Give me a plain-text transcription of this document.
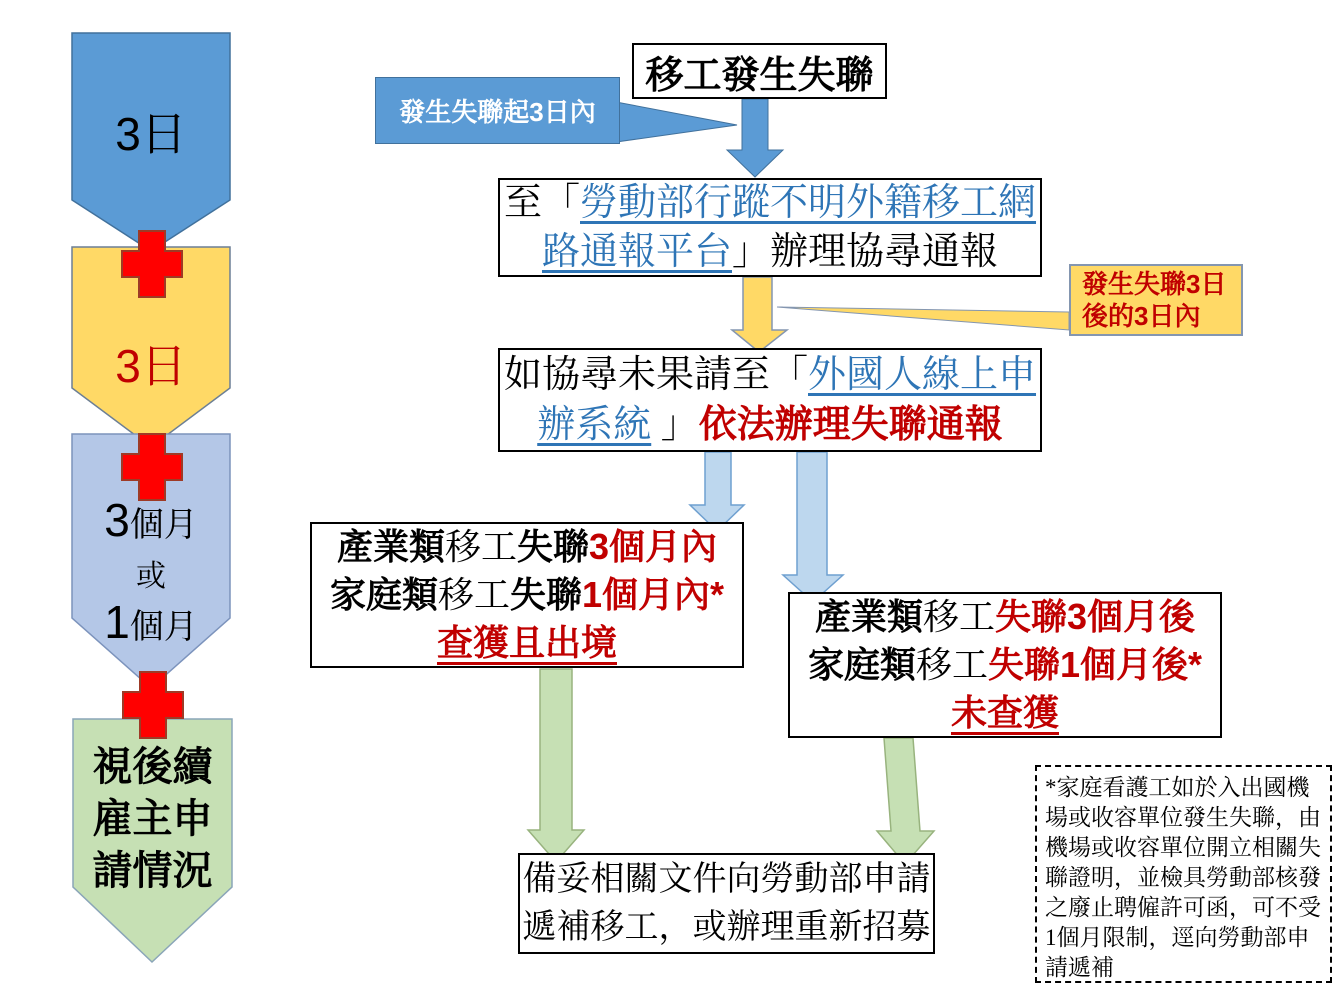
3日
3日
3個月
或
1個月
視後續
雇主申
請情況
移工發生失聯
發生失聯起3日內
至「勞動部行蹤不明外籍移工網
路通報平台」辦理協尋通報
發生失聯3日
後的3日內
如協尋未果請至「外國人線上申
辦系統 」依法辦理失聯通報
產業類移工失聯3個月內
家庭類移工失聯1個月內*
查獲且出境
產業類移工失聯3個月後
家庭類移工失聯1個月後*
未查獲
備妥相關文件向勞動部申請
遞補移工，或辦理重新招募
*家庭看護工如於入出國機場或收容單位發生失聯，由機場或收容單位開立相關失聯證明，並檢具勞動部核發之廢止聘僱許可函，可不受1個月限制，逕向勞動部申請遞補
